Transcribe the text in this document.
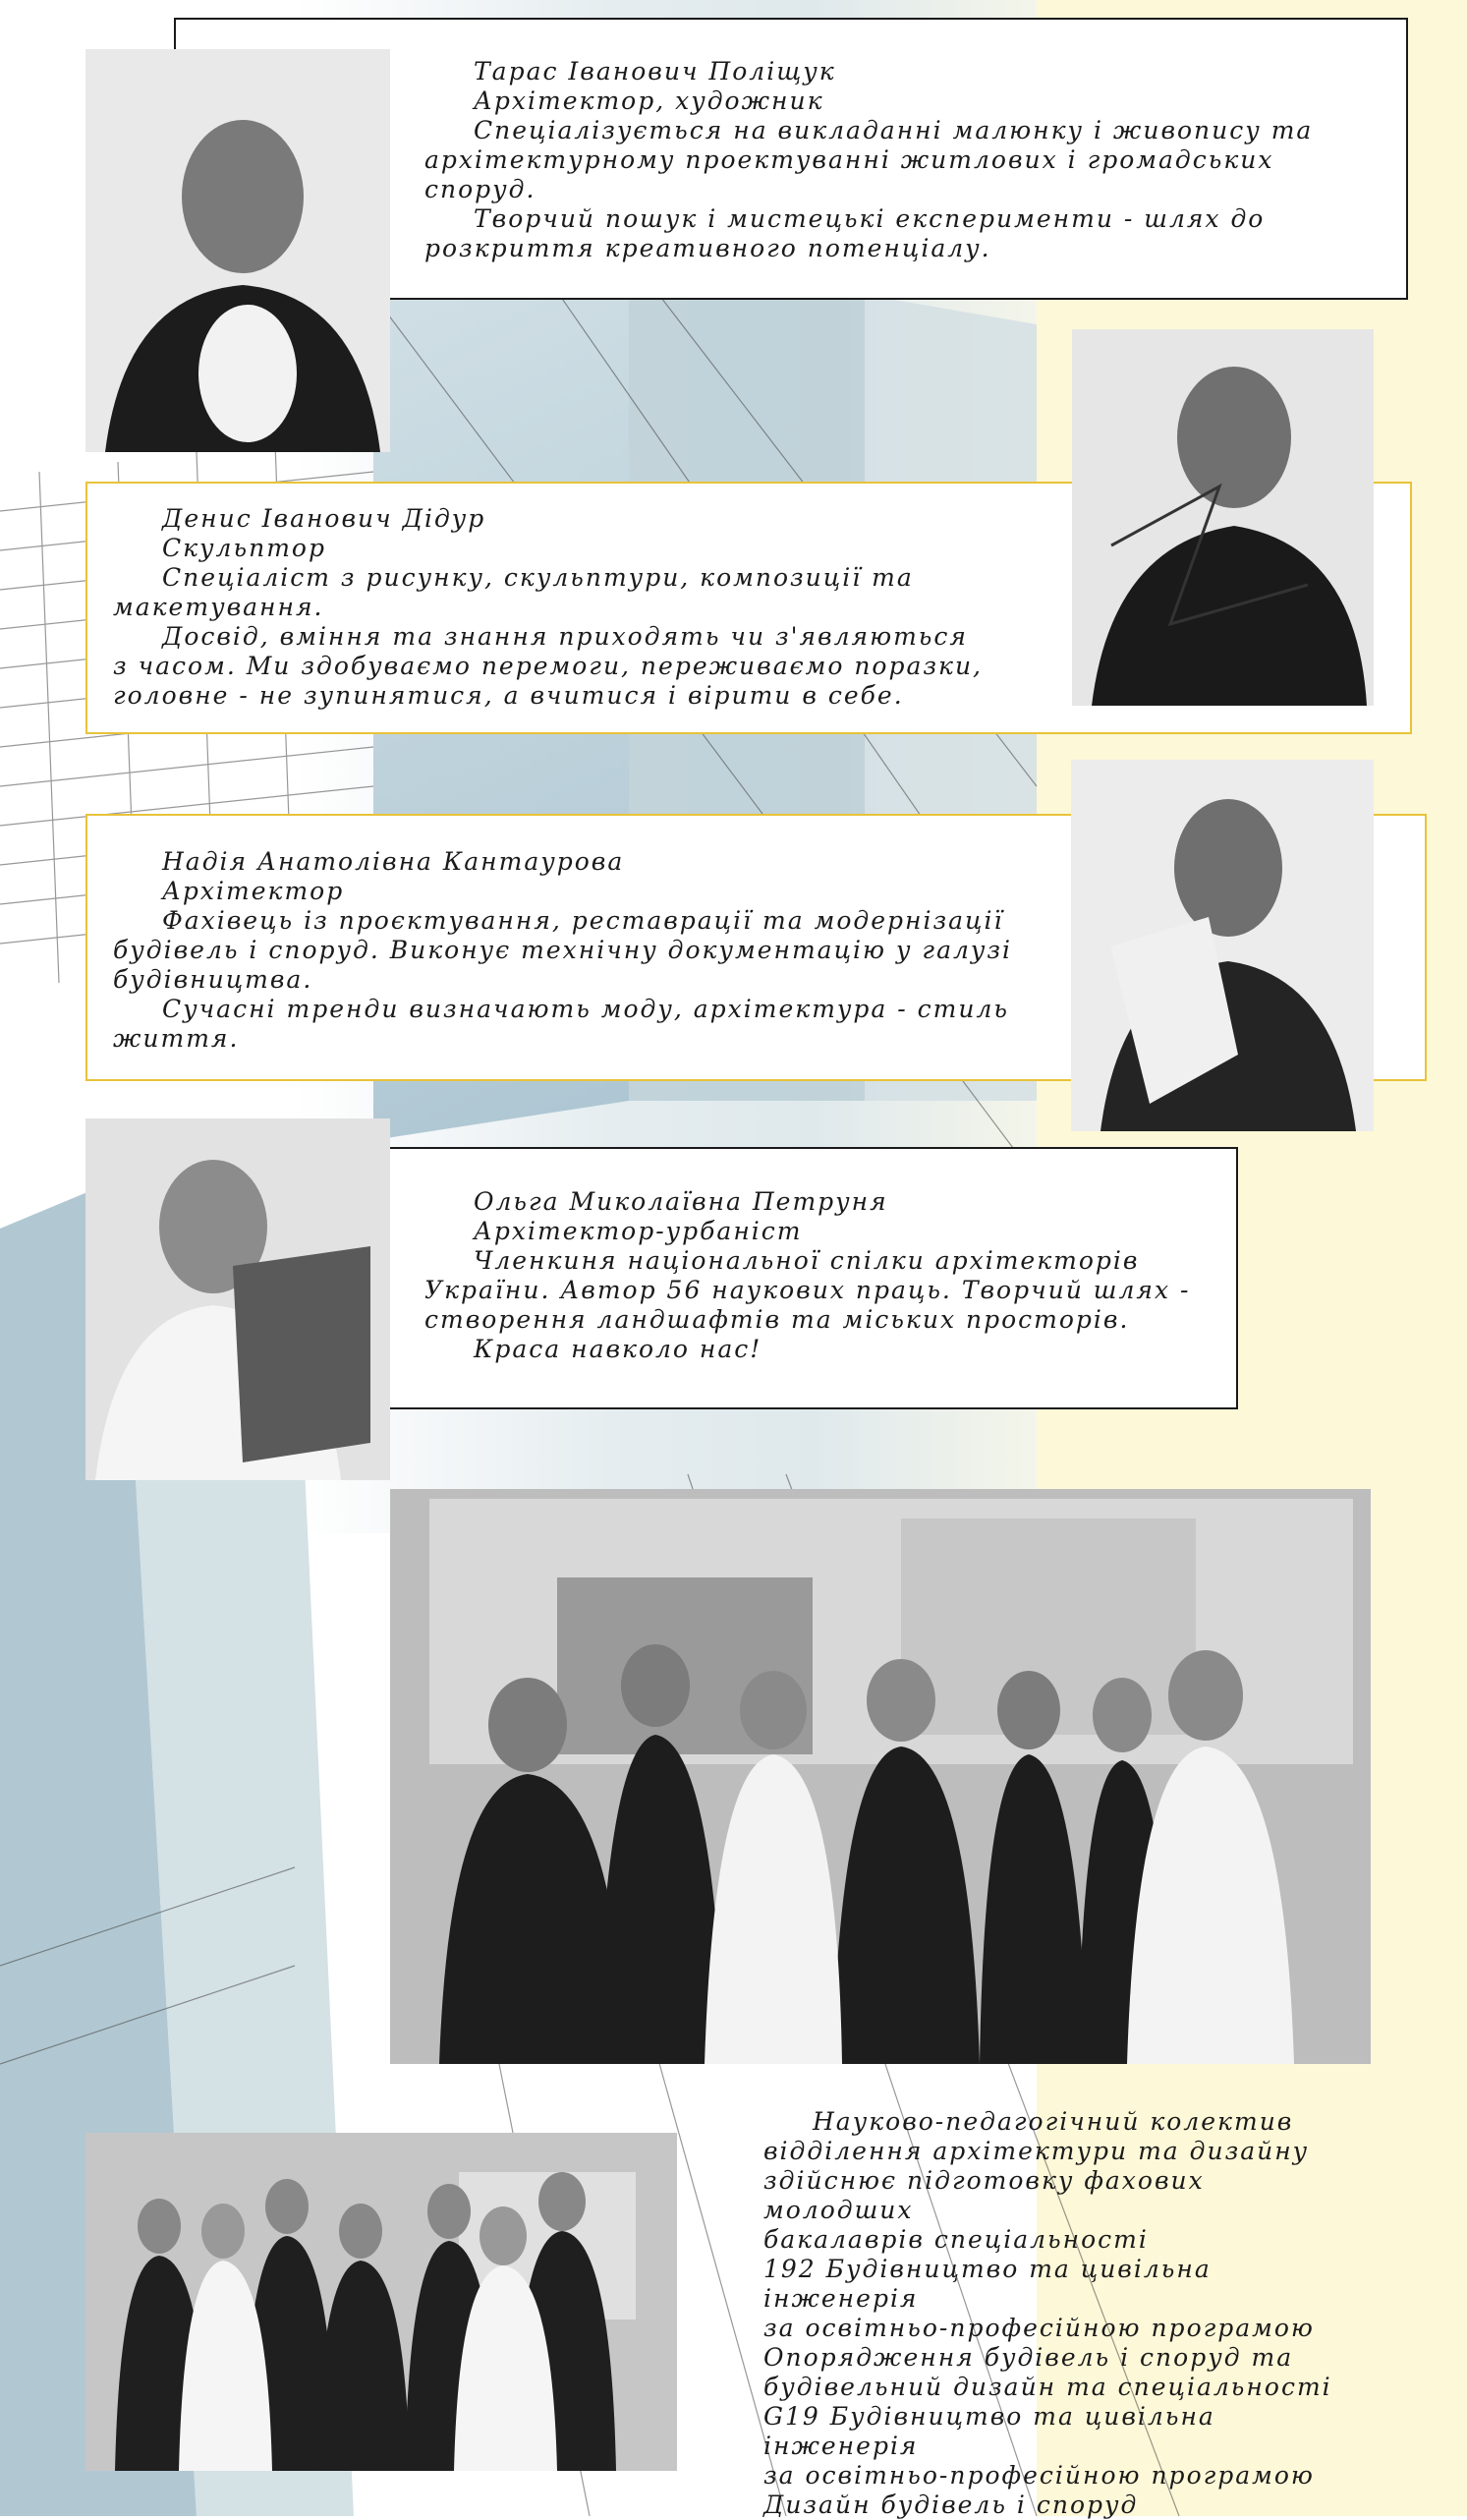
Тарас Іванович Поліщук

Архітектор, художник

Спеціалізується на викладанні малюнку і живопису та

архітектурному проектуванні житлових і громадських споруд.

Творчий пошук і мистецькі експерименти - шлях до

розкриття креативного потенціалу.

Денис Іванович Дідур

Скульптор

Спеціаліст з рисунку, скульптури, композиції та

макетування.

Досвід, вміння та знання приходять чи з'являються

з часом. Ми здобуваємо перемоги, переживаємо поразки,

головне - не зупинятися, а вчитися і вірити в себе.

Надія Анатолівна Кантаурова

Архітектор

Фахівець із проєктування, реставрації та модернізації

будівель і споруд. Виконує технічну документацію у галузі

будівництва.

Сучасні тренди визначають моду, архітектура - стиль

життя.

Ольга Миколаївна Петруня

Архітектор-урбаніст

Членкиня національної спілки архітекторів

України. Автор 56 наукових праць. Творчий шлях -

створення ландшафтів та міських просторів.

Краса навколо нас!

Науково-педагогічний колектив

відділення архітектури та дизайну

здійснює підготовку фахових молодших

бакалаврів спеціальності

192 Будівництво та цивільна інженерія

за освітньо-професійною програмою

Опорядження будівель і споруд та

будівельний дизайн та спеціальності

G19 Будівництво та цивільна інженерія

за освітньо-професійною програмою

Дизайн будівель і споруд
